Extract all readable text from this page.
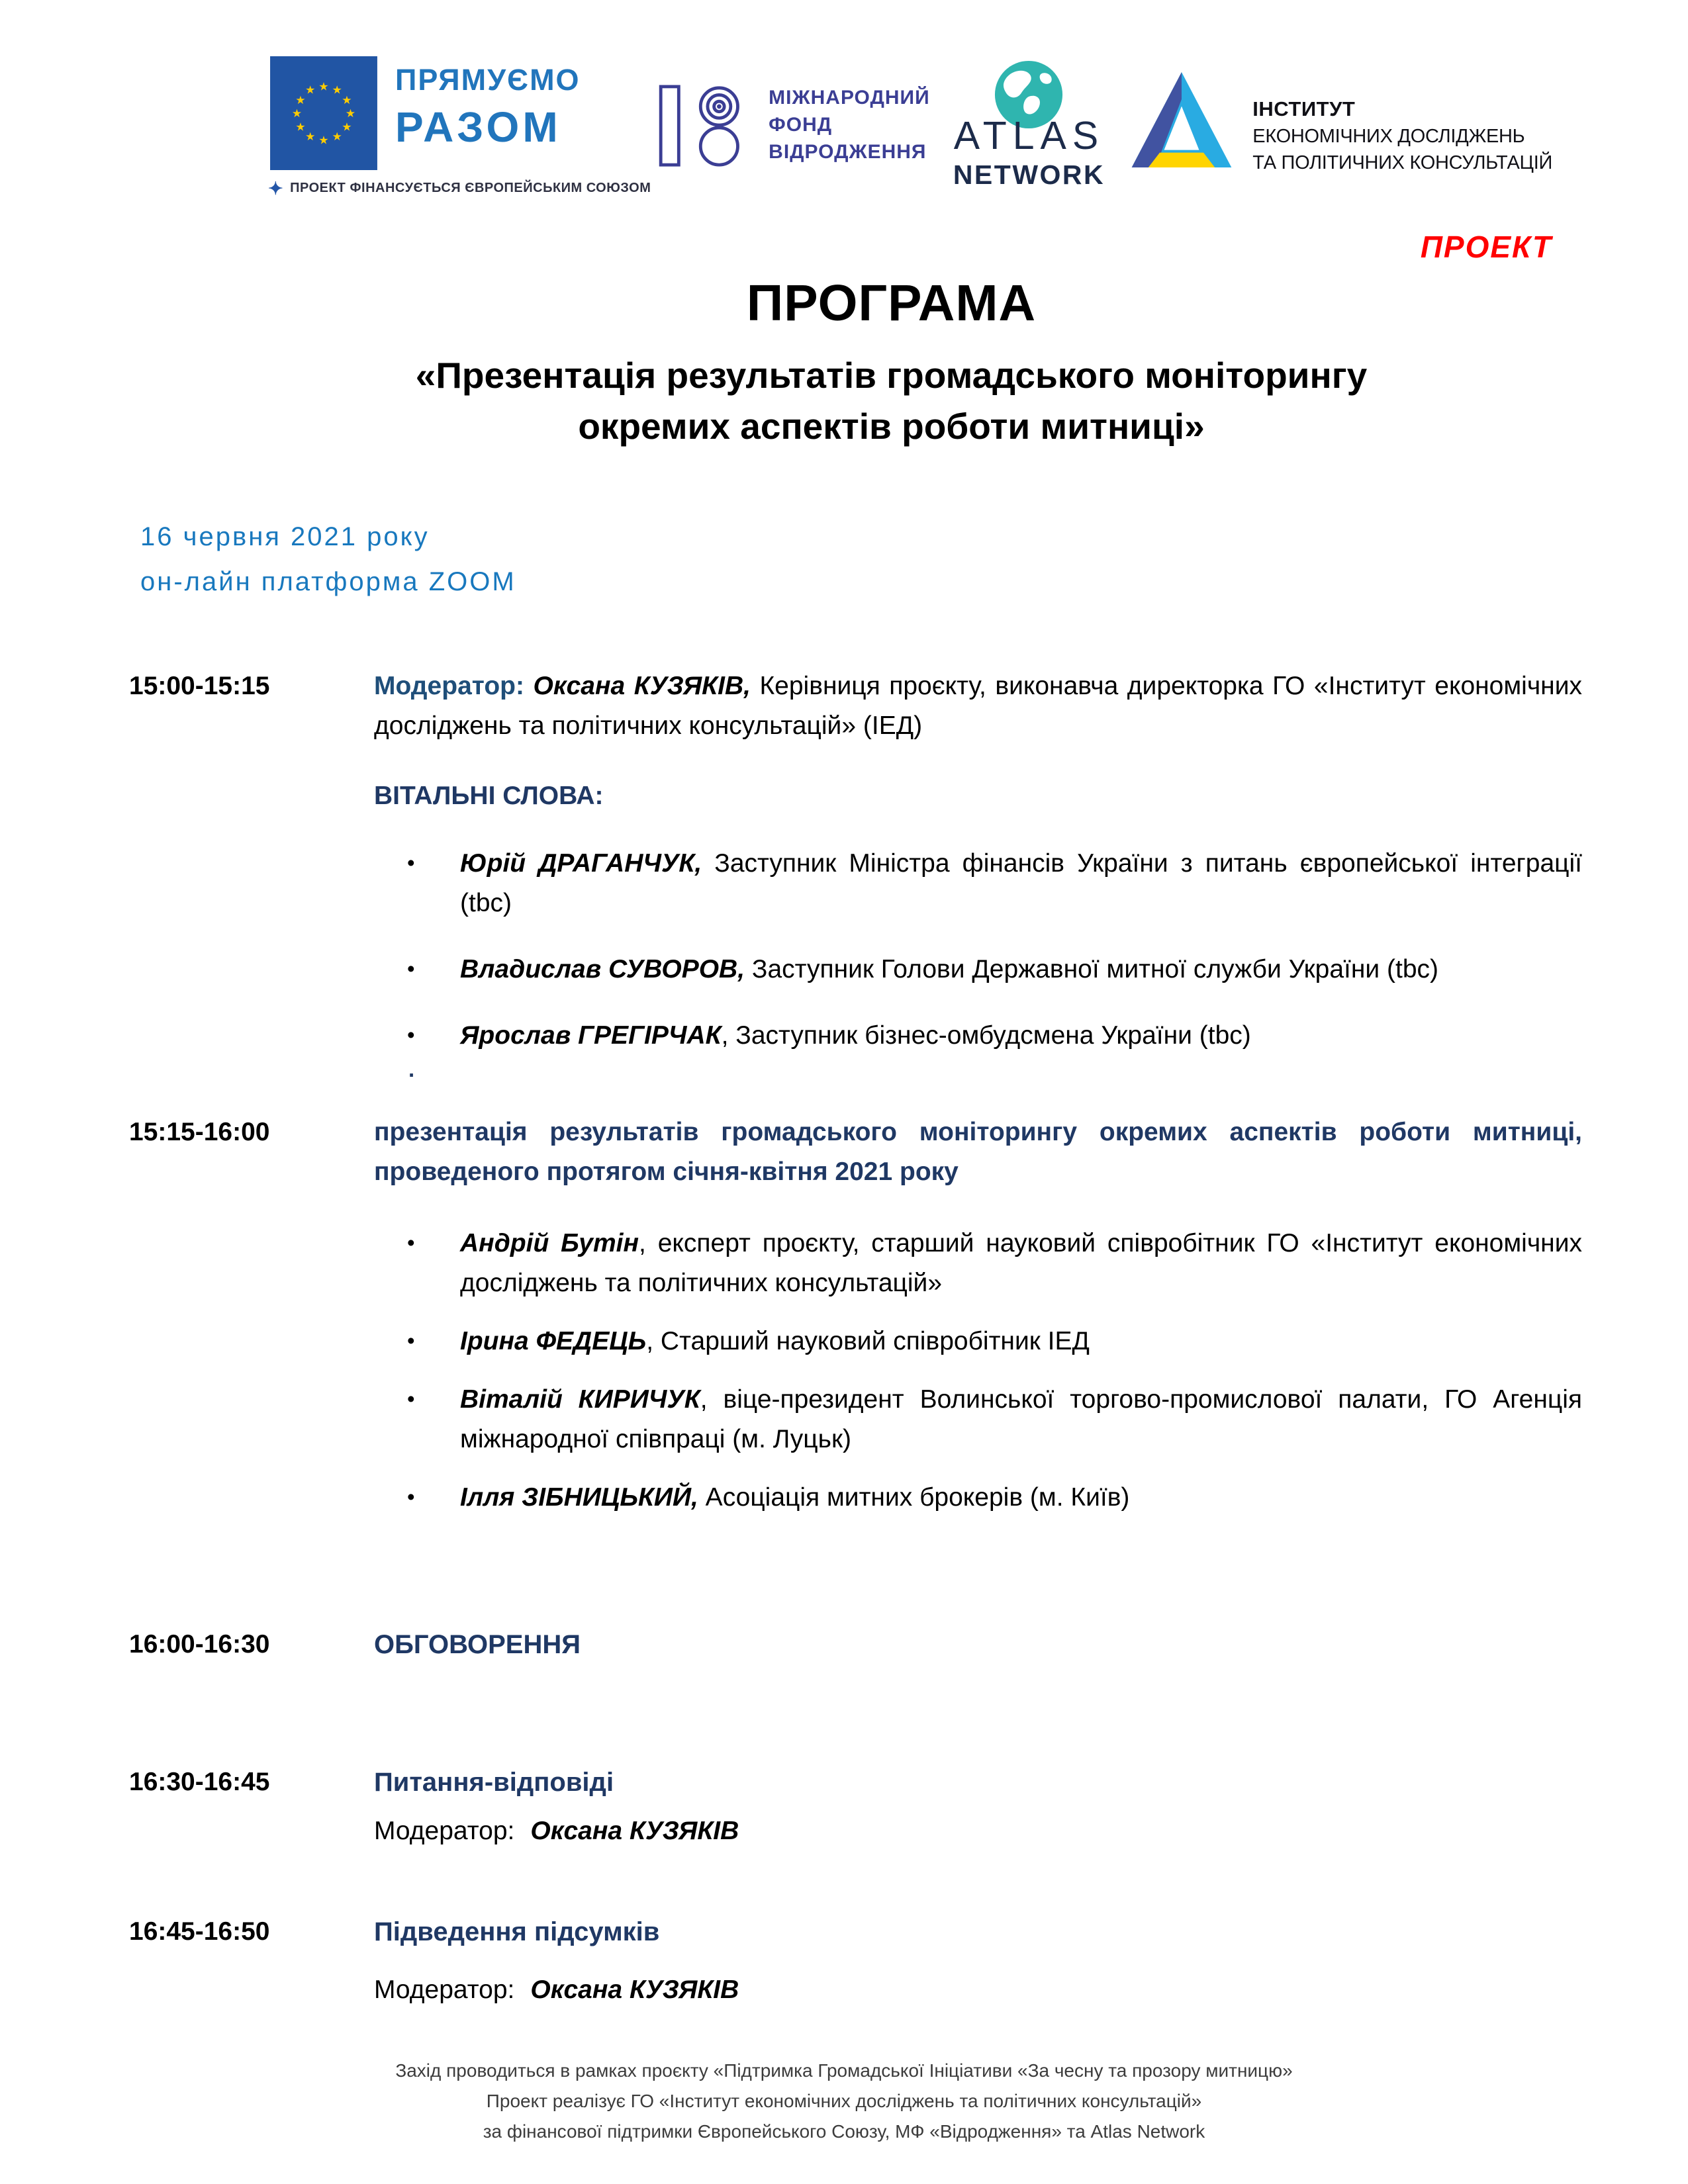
★ ★
★
★
★
★
★
★
★
★
★
★	ПРЯМУЄМО
РАЗОМ
✦ ПРОЕКТ ФІНАНСУЄТЬСЯ ЄВРОПЕЙСЬКИМ СОЮЗОМ
МІЖНАРОДНИЙ
ФОНД
ВІДРОДЖЕННЯ ATLAS
NETWORK
ІНСТИТУТ
ЕКОНОМІЧНИХ ДОСЛІДЖЕНЬ
ТА ПОЛІТИЧНИХ КОНСУЛЬТАЦІЙ
ПРОЕКТ
ПРОГРАМА
«Презентація результатів громадського моніторингу
окремих аспектів роботи митниці»
16 червня 2021 року
он-лайн платформа ZOOM
15:00-15:15	Модератор: Оксана КУЗЯКІВ, Керівниця проєкту, виконавча директорка ГО «Інститут економічних досліджень та політичних консультацій» (ІЕД)

ВІТАЛЬНІ СЛОВА:
•	Юрій ДРАГАНЧУК, Заступник Міністра фінансів України з питань європейської інтеграції (tbc)
•	Владислав СУВОРОВ, Заступник Голови Державної митної служби України (tbc)
•	Ярослав ГРЕГІРЧАК, Заступник бізнес-омбудсмена України (tbc)
.
15:15-16:00	презентація результатів громадського моніторингу окремих аспектів роботи митниці, проведеного протягом січня-квітня 2021 року
•	Андрій Бутін, експерт проєкту, старший науковий співробітник ГО «Інститут економічних досліджень та політичних консультацій»
•	Ірина ФЕДЕЦЬ, Старший науковий співробітник ІЕД
•	Віталій КИРИЧУК, віце-президент Волинської торгово-промислової палати, ГО Агенція міжнародної співпраці (м. Луцьк)
•	Ілля ЗІБНИЦЬКИЙ, Асоціація митних брокерів (м. Київ)
16:00-16:30	ОБГОВОРЕННЯ
16:30-16:45	Питання-відповіді
Модератор: Оксана КУЗЯКІВ
16:45-16:50	Підведення підсумків
Модератор: Оксана КУЗЯКІВ
Захід проводиться в рамках проєкту «Підтримка Громадської Ініціативи «За чесну та прозору митницю»
Проект реалізує ГО «Інститут економічних досліджень та політичних консультацій»
за фінансової підтримки Європейського Союзу, МФ «Відродження» та Atlas Network
